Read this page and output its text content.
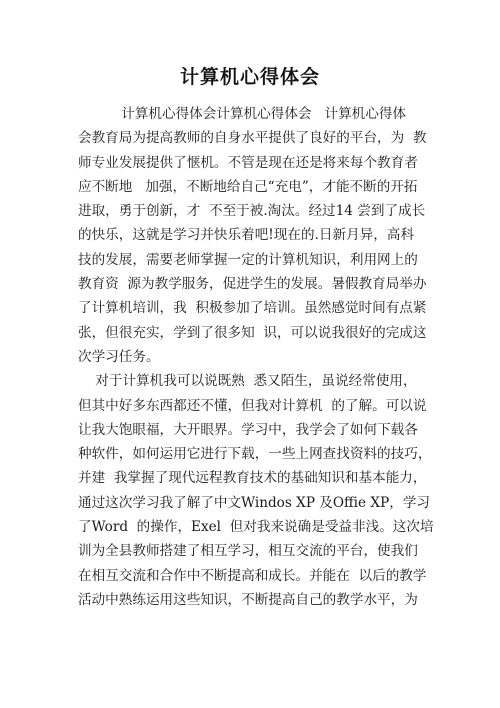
计算机心得体会
计算机心得体会计算机心得体会   计算机心得体
会教育局为提高教师的自身水平提供了良好的平台，为  教
师专业发展提供了惬机。不管是现在还是将来每个教育者
应不断地   加强，不断地给自己“充电”，才能不断的开拓
进取，勇于创新，才  不至于被.淘汰。经过14 尝到了成长
的快乐，这就是学习并快乐着吧!现在的.日新月异，高科
技的发展，需要老师掌握一定的计算机知识，利用网上的
教育资  源为教学服务，促进学生的发展。暑假教育局举办
了计算机培训，我  积极参加了培训。虽然感觉时间有点紧
张，但很充实，学到了很多知  识，可以说我很好的完成这
次学习任务。
对于计算机我可以说既熟  悉又陌生，虽说经常使用，
但其中好多东西都还不懂，但我对计算机  的了解。可以说
让我大饱眼福，大开眼界。学习中，我学会了如何下载各
种软件，如何运用它进行下载，一些上网查找资料的技巧，
并建  我掌握了现代远程教育技术的基础知识和基本能力，
通过这次学习我了解了中文Windos XP 及Offie XP，学习
了Word  的操作，Exel  但对我来说确是受益非浅。这次培
训为全县教师搭建了相互学习，相互交流的平台，使我们
在相互交流和合作中不断提高和成长。并能在  以后的教学
活动中熟练运用这些知识，不断提高自己的教学水平，为
